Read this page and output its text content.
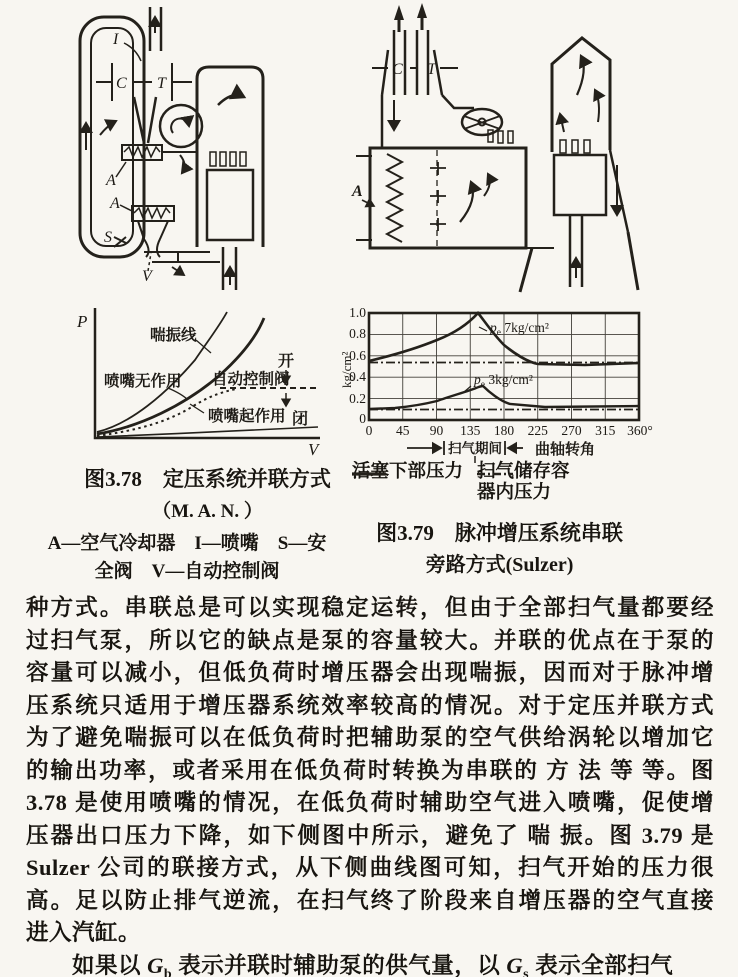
C T
I
A
A
S
V
C T
A
P
V
喘振线
喷嘴无作用 自动控制阀
开
喷嘴起作用 闭
1.0
0.8
0.6
0.4
0.2
0
kg/cm²
0 45 90 135 180 225 270 315 360°
$p_e$ 7kg/cm²
$p_e$ 3kg/cm²
扫气期间 曲轴转角
活塞下部压力 扫气储存容
器内压力
图3.78　定压系统并联方式
（M. A. N. ）
A—空气冷却器　I—喷嘴　S—安
全阀　V—自动控制阀
图3.79　脉冲增压系统串联
旁路方式(Sulzer)
种方式。串联总是可以实现稳定运转，但由于全部扫气量都要经
过扫气泵，所以它的缺点是泵的容量较大。并联的优点在于泵的
容量可以减小，但低负荷时增压器会出现喘振，因而对于脉冲增
压系统只适用于增压器系统效率较高的情况。对于定压并联方式
为了避免喘振可以在低负荷时把辅助泵的空气供给涡轮以增加它
的输出功率，或者采用在低负荷时转换为串联的 方 法 等 等。图
3.78 是使用喷嘴的情况，在低负荷时辅助空气进入喷嘴，促使增
压器出口压力下降，如下侧图中所示，避免了 喘 振。图 3.79 是
Sulzer 公司的联接方式，从下侧曲线图可知，扫气开始的压力很
高。足以防止排气逆流，在扫气终了阶段来自增压器的空气直接
进入汽缸。
如果以 $G_b$ 表示并联时辅助泵的供气量，以 $G_s$ 表示全部扫气
